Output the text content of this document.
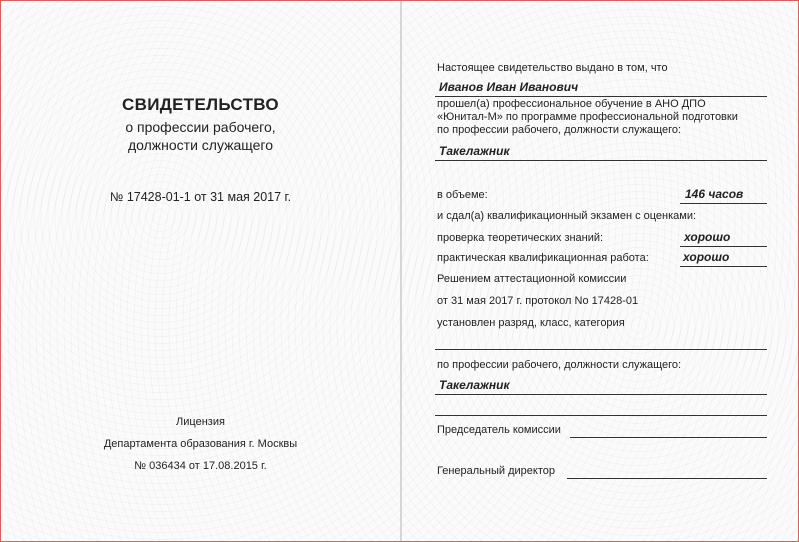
СВИДЕТЕЛЬСТВО
о профессии рабочего,
должности служащего
№ 17428-01-1 от 31 мая 2017 г.
Лицензия
Департамента образования г. Москвы
№ 036434 от 17.08.2015 г.
Настоящее свидетельство выдано в том, что
Иванов Иван Иванович
прошел(а) профессиональное обучение в АНО ДПО
«Юнитал-М» по программе профессиональной подготовки
по профессии рабочего, должности служащего:
Такелажник
в объеме:	146 часов
и сдал(а) квалификационный экзамен с оценками:
проверка теоретических знаний:	хорошо
практическая квалификационная работа:	хорошо
Решением аттестационной комиссии
от 31 мая 2017 г. протокол No 17428-01
установлен разряд, класс, категория
по профессии рабочего, должности служащего:
Такелажник
Председатель комиссии
Генеральный директор
